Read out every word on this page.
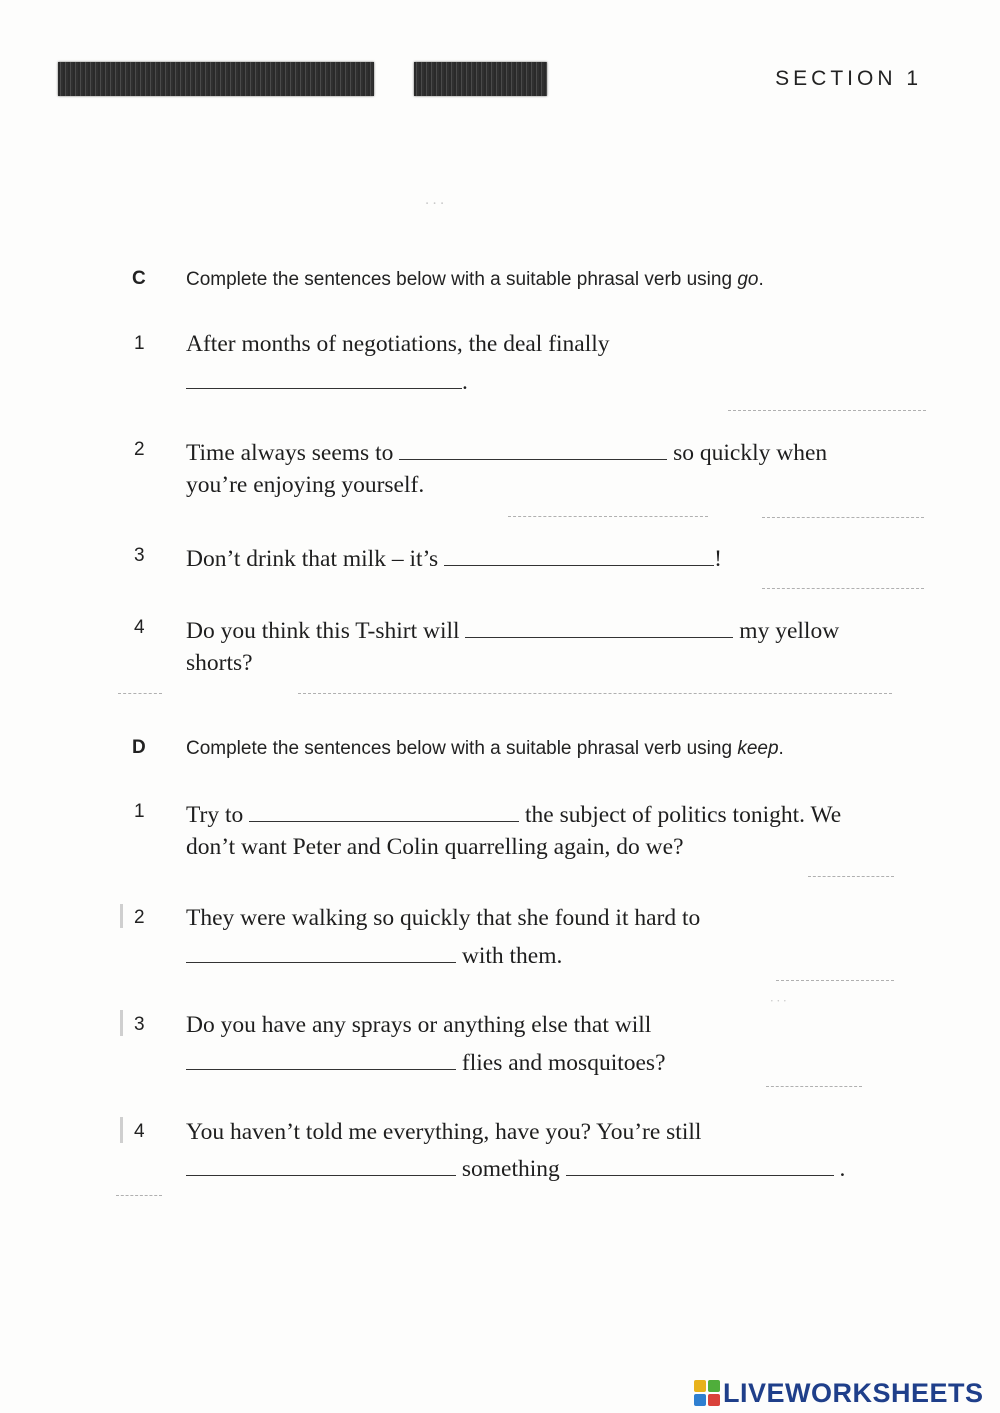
SECTION 1
· · ·
· · ·
C Complete the sentences below with a suitable phrasal verb using go.
1 After months of negotiations, the deal finally
.
2 Time always seems to	so quickly when
you’re enjoying yourself.
3 Don’t drink that milk – it’s	!
4 Do you think this T-shirt will	my yellow
shorts?
D Complete the sentences below with a suitable phrasal verb using keep.
1 Try to	the subject of politics tonight. We
don’t want Peter and Colin quarrelling again, do we?
2 They were walking so quickly that she found it hard to
with them.
3 Do you have any sprays or anything else that will
flies and mosquitoes?
4 You haven’t told me everything, have you? You’re still
something	.
LIVEWORKSHEETS
